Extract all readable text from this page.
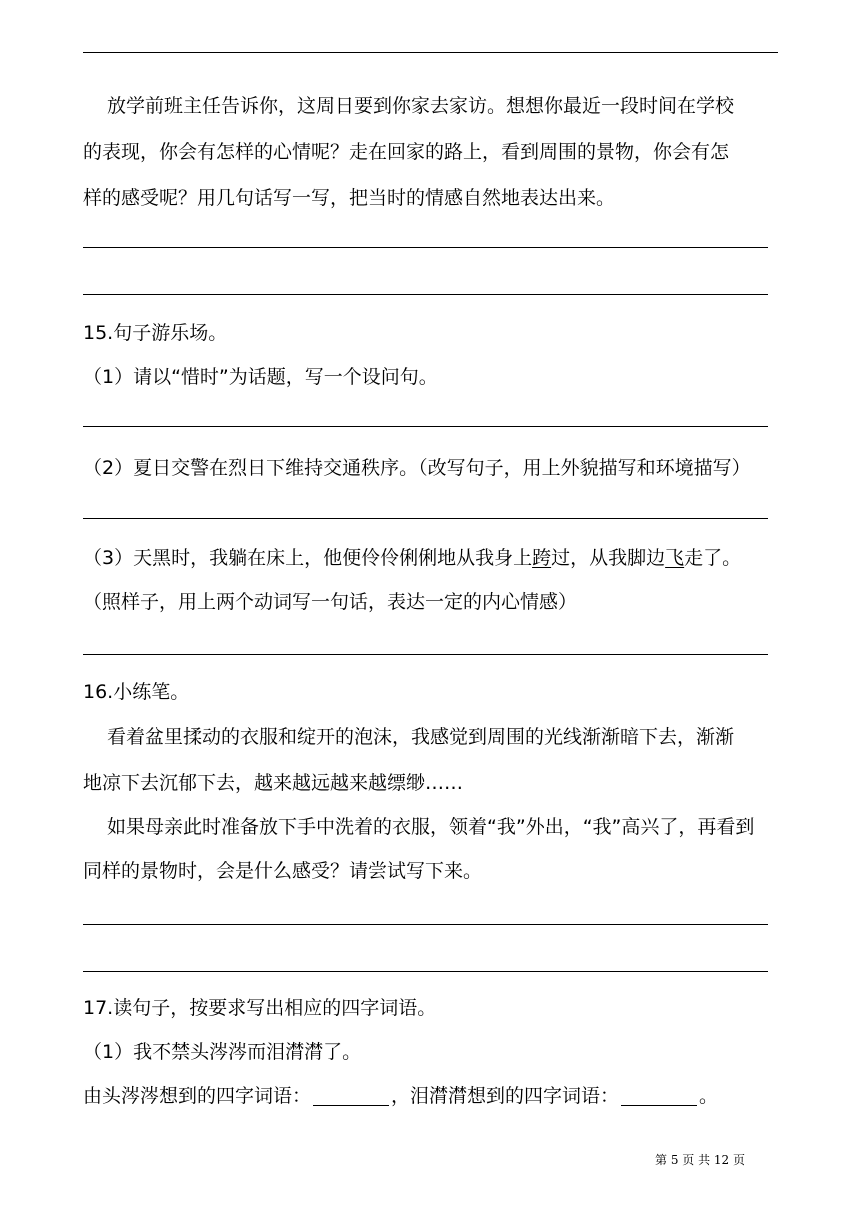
放学前班主任告诉你，这周日要到你家去家访。想想你最近一段时间在学校
的表现，你会有怎样的心情呢？走在回家的路上，看到周围的景物，你会有怎
样的感受呢？用几句话写一写，把当时的情感自然地表达出来。
15.句子游乐场。
（1）请以“惜时”为话题，写一个设问句。
（2）夏日交警在烈日下维持交通秩序。（改写句子，用上外貌描写和环境描写）
（3）天黑时，我躺在床上，他便伶伶俐俐地从我身上跨过，从我脚边飞走了。
（照样子，用上两个动词写一句话，表达一定的内心情感）
16.小练笔。
看着盆里揉动的衣服和绽开的泡沫，我感觉到周围的光线渐渐暗下去，渐渐
地凉下去沉郁下去，越来越远越来越缥缈……
如果母亲此时准备放下手中洗着的衣服，领着“我”外出，“我”高兴了，再看到
同样的景物时，会是什么感受？请尝试写下来。
17.读句子，按要求写出相应的四字词语。
（1）我不禁头涔涔而泪潸潸了。
由头涔涔想到的四字词语：	，泪潸潸想到的四字词语：	。
第 5 页 共 12 页
